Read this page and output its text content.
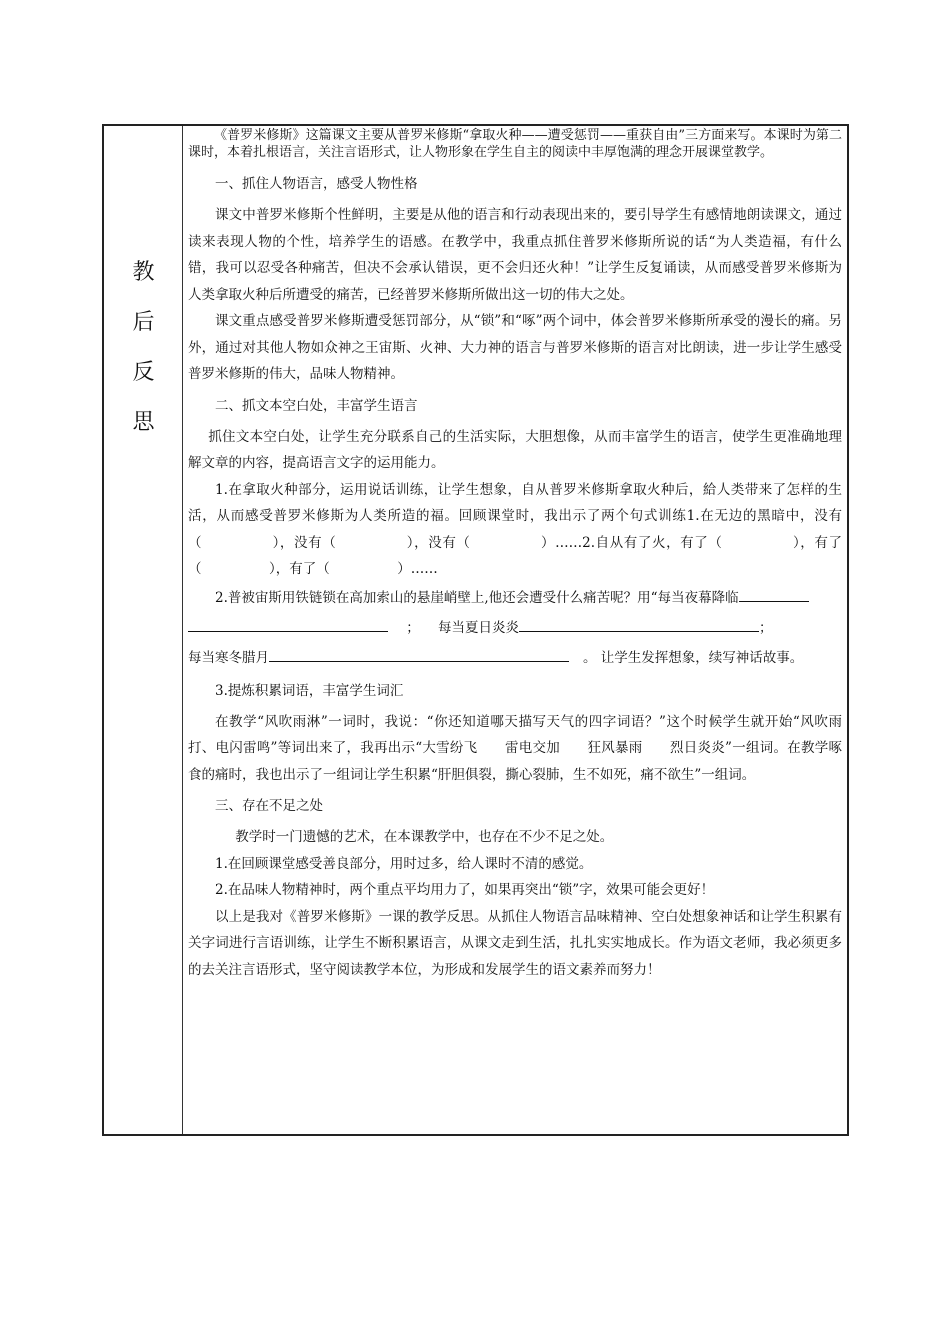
教
后
反
思

《普罗米修斯》这篇课文主要从普罗米修斯“拿取火种——遭受惩罚——重获自由”三方面来写。本课时为第二课时，本着扎根语言，关注言语形式，让人物形象在学生自主的阅读中丰厚饱满的理念开展课堂教学。

一、抓住人物语言，感受人物性格

课文中普罗米修斯个性鲜明，主要是从他的语言和行动表现出来的，要引导学生有感情地朗读课文，通过读来表现人物的个性，培养学生的语感。在教学中，我重点抓住普罗米修斯所说的话“为人类造福，有什么错，我可以忍受各种痛苦，但决不会承认错误，更不会归还火种！”让学生反复诵读，从而感受普罗米修斯为人类拿取火种后所遭受的痛苦，已经普罗米修斯所做出这一切的伟大之处。

课文重点感受普罗米修斯遭受惩罚部分，从“锁”和“啄”两个词中，体会普罗米修斯所承受的漫长的痛。另外，通过对其他人物如众神之王宙斯、火神、大力神的语言与普罗米修斯的语言对比朗读，进一步让学生感受普罗米修斯的伟大，品味人物精神。

二、抓文本空白处，丰富学生语言

抓住文本空白处，让学生充分联系自己的生活实际，大胆想像，从而丰富学生的语言，使学生更准确地理解文章的内容，提高语言文字的运用能力。

1.在拿取火种部分，运用说话训练，让学生想象，自从普罗米修斯拿取火种后，給人类带来了怎样的生活，从而感受普罗米修斯为人类所造的福。回顾课堂时，我出示了两个句式训练1.在无边的黑暗中，没有（　　　　　），没有（　　　　　），没有（　　　　　）……2.自从有了火，有了（　　　　　），有了（　　　　　），有了（　　　　　）……

2.普被宙斯用铁链锁在高加索山的悬崖峭壁上,他还会遭受什么痛苦呢？用“每当夜幕降临

； 每当夏日炎炎	；

每当寒冬腊月	。 让学生发挥想象，续写神话故事。

3.提炼积累词语，丰富学生词汇

在教学“风吹雨淋”一词时，我说：“你还知道哪天描写天气的四字词语？”这个时候学生就开始“风吹雨打、电闪雷鸣”等词出来了，我再出示“大雪纷飞　　雷电交加　　狂风暴雨　　烈日炎炎”一组词。在教学啄食的痛时，我也出示了一组词让学生积累“肝胆俱裂，撕心裂肺，生不如死，痛不欲生”一组词。

三、存在不足之处

教学时一门遗憾的艺术，在本课教学中，也存在不少不足之处。

1.在回顾课堂感受善良部分，用时过多，给人课时不清的感觉。

2.在品味人物精神时，两个重点平均用力了，如果再突出“锁”字，效果可能会更好！

以上是我对《普罗米修斯》一课的教学反思。从抓住人物语言品味精神、空白处想象神话和让学生积累有关字词进行言语训练，让学生不断积累语言，从课文走到生活，扎扎实实地成长。作为语文老师，我必须更多的去关注言语形式，坚守阅读教学本位，为形成和发展学生的语文素养而努力！
